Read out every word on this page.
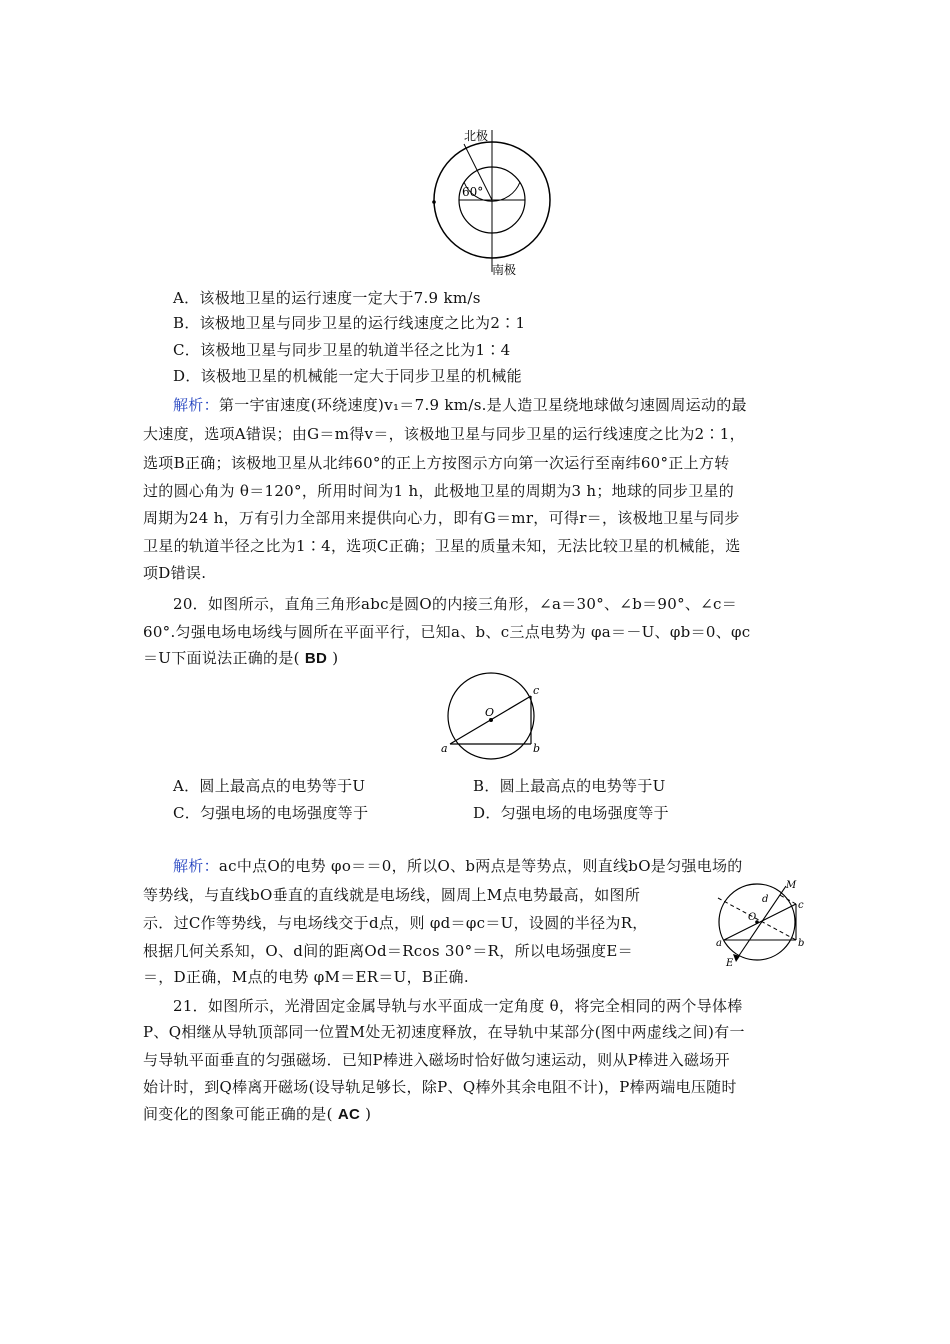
北极
南极
60°
A．该极地卫星的运行速度一定大于7.9 km/s
B．该极地卫星与同步卫星的运行线速度之比为2∶1
C．该极地卫星与同步卫星的轨道半径之比为1∶4
D．该极地卫星的机械能一定大于同步卫星的机械能
解析：第一宇宙速度(环绕速度)v₁＝7.9 km/s.是人造卫星绕地球做匀速圆周运动的最
大速度，选项A错误；由G＝m得v＝，该极地卫星与同步卫星的运行线速度之比为2∶1，
选项B正确；该极地卫星从北纬60°的正上方按图示方向第一次运行至南纬60°正上方转
过的圆心角为 θ＝120°，所用时间为1 h，此极地卫星的周期为3 h；地球的同步卫星的
周期为24 h，万有引力全部用来提供向心力，即有G＝mr，可得r＝，该极地卫星与同步
卫星的轨道半径之比为1∶4，选项C正确；卫星的质量未知，无法比较卫星的机械能，选
项D错误.
20．如图所示，直角三角形abc是圆O的内接三角形，∠a＝30°、∠b＝90°、∠c＝
60°.匀强电场电场线与圆所在平面平行，已知a、b、c三点电势为 φa＝－U、φb＝0、φc
＝U下面说法正确的是( BD )
O
a	b
c
A．圆上最高点的电势等于U	B．圆上最高点的电势等于U
C．匀强电场的电场强度等于	D．匀强电场的电场强度等于
解析：ac中点O的电势 φo＝＝0，所以O、b两点是等势点，则直线bO是匀强电场的
等势线，与直线bO垂直的直线就是电场线，圆周上M点电势最高，如图所
示．过C作等势线，与电场线交于d点，则 φd＝φc＝U，设圆的半径为R，
根据几何关系知，O、d间的距离Od＝Rcos 30°＝R，所以电场强度E＝
＝，D正确，M点的电势 φM＝ER＝U，B正确.
M
d
O
c
a	b
E
21．如图所示，光滑固定金属导轨与水平面成一定角度 θ，将完全相同的两个导体棒
P、Q相继从导轨顶部同一位置M处无初速度释放，在导轨中某部分(图中两虚线之间)有一
与导轨平面垂直的匀强磁场．已知P棒进入磁场时恰好做匀速运动，则从P棒进入磁场开
始计时，到Q棒离开磁场(设导轨足够长，除P、Q棒外其余电阻不计)，P棒两端电压随时
间变化的图象可能正确的是( AC )
